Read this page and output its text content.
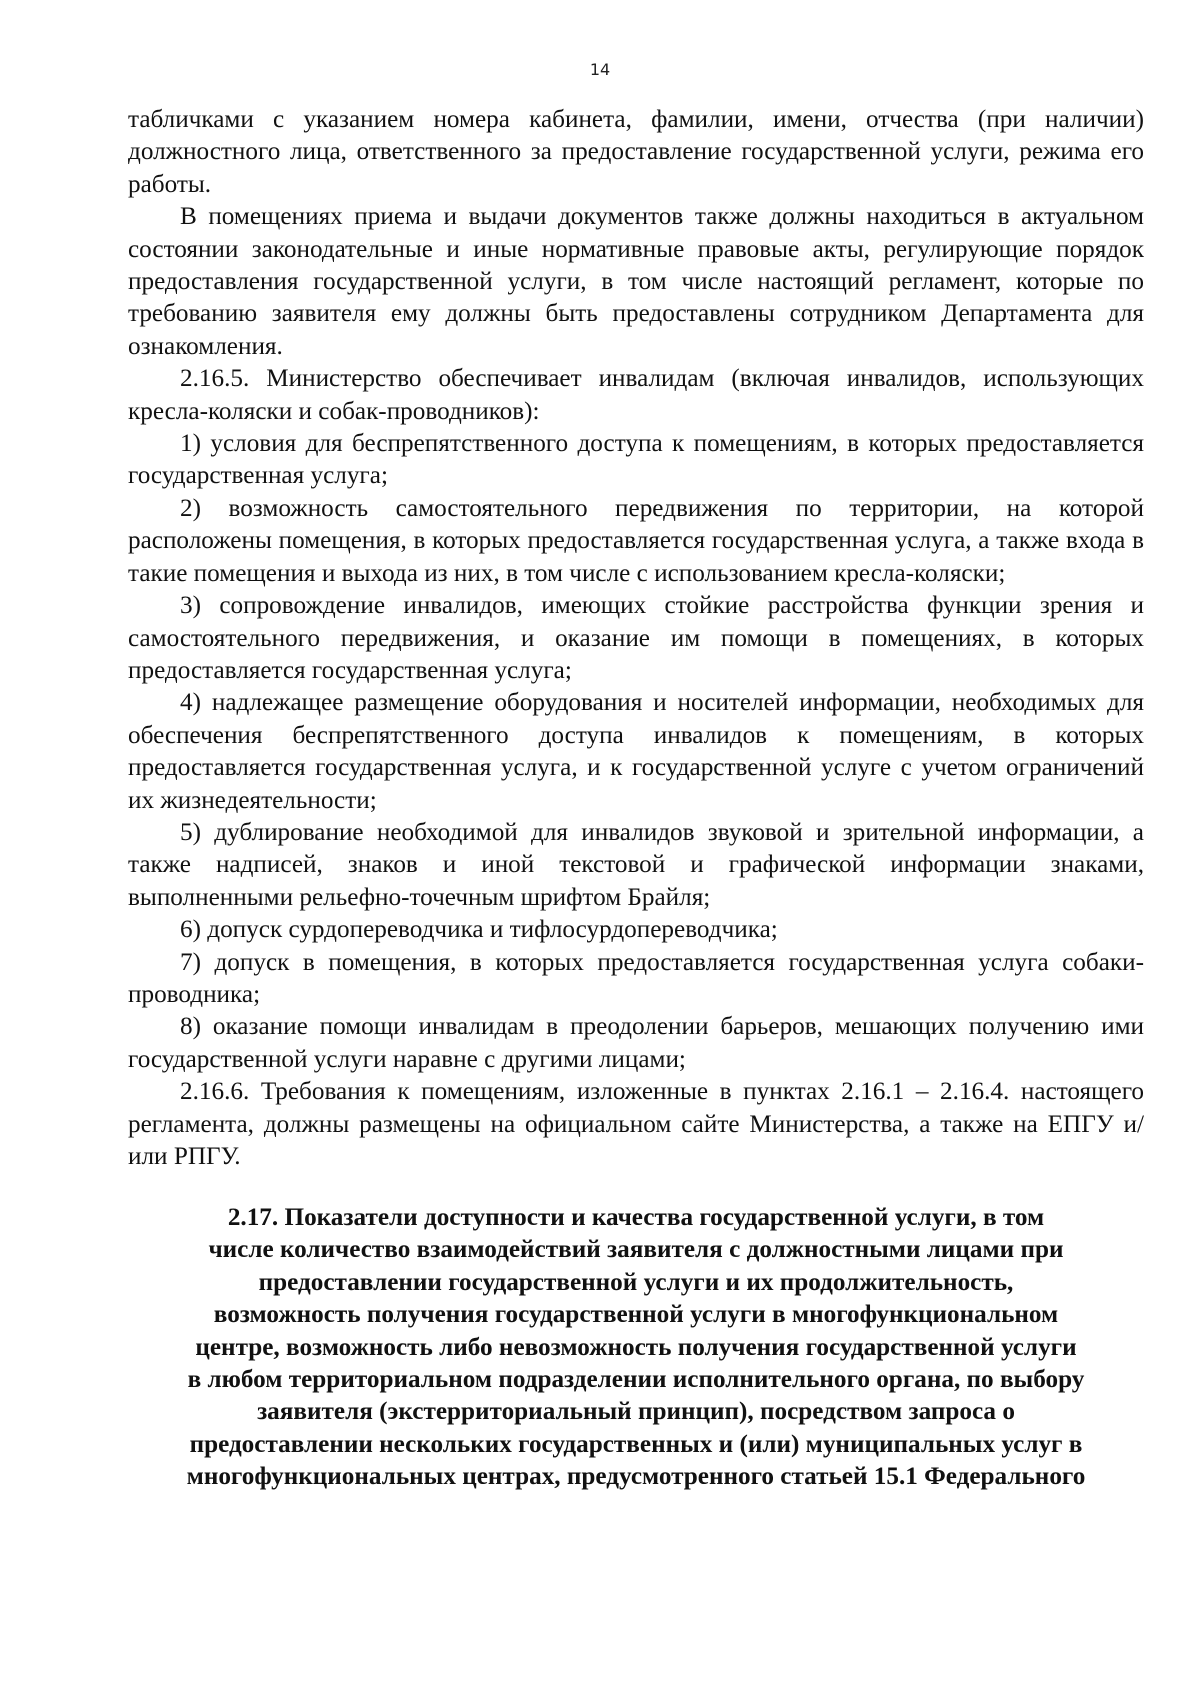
14

табличками с указанием номера кабинета, фамилии, имени, отчества (при наличии) должностного лица, ответственного за предоставление государственной услуги, режима его работы.

В помещениях приема и выдачи документов также должны находиться в актуальном состоянии законодательные и иные нормативные правовые акты, регулирующие порядок предоставления государственной услуги, в том числе настоящий регламент, которые по требованию заявителя ему должны быть предоставлены сотрудником Департамента для ознакомления.

2.16.5. Министерство обеспечивает инвалидам (включая инвалидов, использующих кресла-коляски и собак-проводников):

1) условия для беспрепятственного доступа к помещениям, в которых предоставляется государственная услуга;

2) возможность самостоятельного передвижения по территории, на которой расположены помещения, в которых предоставляется государственная услуга, а также входа в такие помещения и выхода из них, в том числе с использованием кресла-коляски;

3) сопровождение инвалидов, имеющих стойкие расстройства функции зрения и самостоятельного передвижения, и оказание им помощи в помещениях, в которых предоставляется государственная услуга;

4) надлежащее размещение оборудования и носителей информации, необходимых для обеспечения беспрепятственного доступа инвалидов к помещениям, в которых предоставляется государственная услуга, и к государственной услуге с учетом ограничений их жизнедеятельности;

5) дублирование необходимой для инвалидов звуковой и зрительной информации, а также надписей, знаков и иной текстовой и графической информации знаками, выполненными рельефно-точечным шрифтом Брайля;

6) допуск сурдопереводчика и тифлосурдопереводчика;

7) допуск в помещения, в которых предоставляется государственная услуга собаки-проводника;

8) оказание помощи инвалидам в преодолении барьеров, мешающих получению ими государственной услуги наравне с другими лицами;

2.16.6. Требования к помещениям, изложенные в пунктах 2.16.1 – 2.16.4. настоящего регламента, должны размещены на официальном сайте Министерства, а также на ЕПГУ и/или РПГУ.

2.17. Показатели доступности и качества государственной услуги, в том
числе количество взаимодействий заявителя с должностными лицами при
предоставлении государственной услуги и их продолжительность,
возможность получения государственной услуги в многофункциональном
центре, возможность либо невозможность получения государственной услуги
в любом территориальном подразделении исполнительного органа, по выбору
заявителя (экстерриториальный принцип), посредством запроса о
предоставлении нескольких государственных и (или) муниципальных услуг в
многофункциональных центрах, предусмотренного статьей 15.1 Федерального
